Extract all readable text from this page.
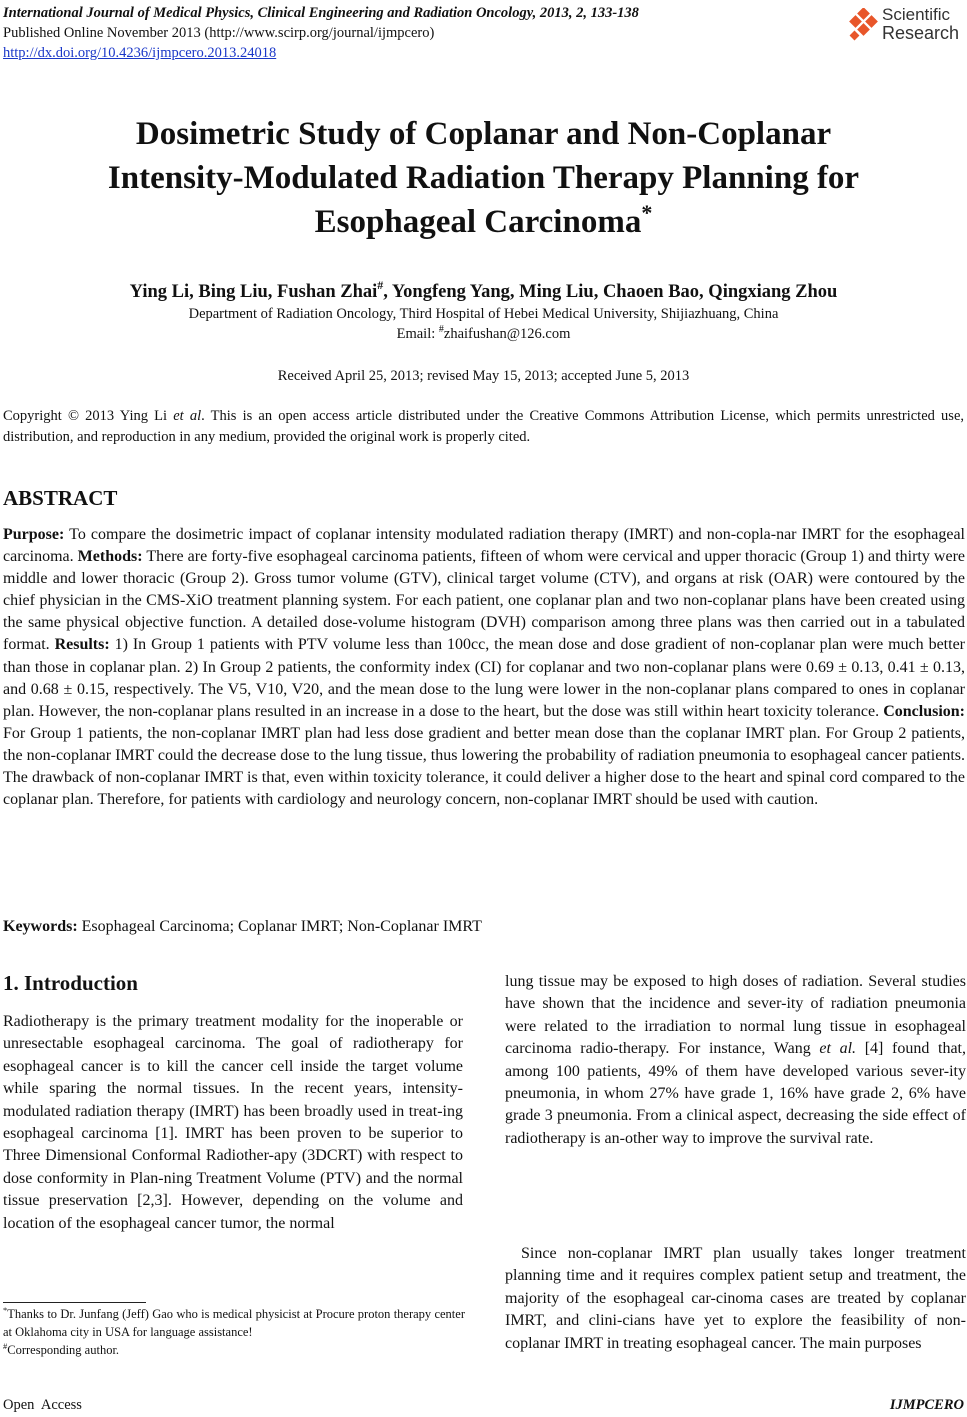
International Journal of Medical Physics, Clinical Engineering and Radiation Oncology, 2013, 2, 133-138
Published Online November 2013 (http://www.scirp.org/journal/ijmpcero)
http://dx.doi.org/10.4236/ijmpcero.2013.24018
Scientific
Research
Dosimetric Study of Coplanar and Non-Coplanar
Intensity-Modulated Radiation Therapy Planning for
Esophageal Carcinoma*
Ying Li, Bing Liu, Fushan Zhai#, Yongfeng Yang, Ming Liu, Chaoen Bao, Qingxiang Zhou
Department of Radiation Oncology, Third Hospital of Hebei Medical University, Shijiazhuang, China
Email: #zhaifushan@126.com
Received April 25, 2013; revised May 15, 2013; accepted June 5, 2013
Copyright © 2013 Ying Li et al. This is an open access article distributed under the Creative Commons Attribution License, which permits unrestricted use, distribution, and reproduction in any medium, provided the original work is properly cited.
ABSTRACT

Purpose: To compare the dosimetric impact of coplanar intensity modulated radiation therapy (IMRT) and non-copla-nar IMRT for the esophageal carcinoma. Methods: There are forty-five esophageal carcinoma patients, fifteen of whom were cervical and upper thoracic (Group 1) and thirty were middle and lower thoracic (Group 2). Gross tumor volume (GTV), clinical target volume (CTV), and organs at risk (OAR) were contoured by the chief physician in the CMS-XiO treatment planning system. For each patient, one coplanar plan and two non-coplanar plans have been created using the same physical objective function. A detailed dose-volume histogram (DVH) comparison among three plans was then carried out in a tabulated format. Results: 1) In Group 1 patients with PTV volume less than 100cc, the mean dose and dose gradient of non-coplanar plan were much better than those in coplanar plan. 2) In Group 2 patients, the conformity index (CI) for coplanar and two non-coplanar plans were 0.69 ± 0.13, 0.41 ± 0.13, and 0.68 ± 0.15, respectively. The V5, V10, V20, and the mean dose to the lung were lower in the non-coplanar plans compared to ones in coplanar plan. However, the non-coplanar plans resulted in an increase in a dose to the heart, but the dose was still within heart toxicity tolerance. Conclusion: For Group 1 patients, the non-coplanar IMRT plan had less dose gradient and better mean dose than the coplanar IMRT plan. For Group 2 patients, the non-coplanar IMRT could the decrease dose to the lung tissue, thus lowering the probability of radiation pneumonia to esophageal cancer patients. The drawback of non-coplanar IMRT is that, even within toxicity tolerance, it could deliver a higher dose to the heart and spinal cord compared to the coplanar plan. Therefore, for patients with cardiology and neurology concern, non-coplanar IMRT should be used with caution.

Keywords: Esophageal Carcinoma; Coplanar IMRT; Non-Coplanar IMRT
1. Introduction

Radiotherapy is the primary treatment modality for the inoperable or unresectable esophageal carcinoma. The goal of radiotherapy for esophageal cancer is to kill the cancer cell inside the target volume while sparing the normal tissues. In the recent years, intensity-modulated radiation therapy (IMRT) has been broadly used in treat-ing esophageal carcinoma [1]. IMRT has been proven to be superior to Three Dimensional Conformal Radiother-apy (3DCRT) with respect to dose conformity in Plan-ning Treatment Volume (PTV) and the normal tissue preservation [2,3]. However, depending on the volume and location of the esophageal cancer tumor, the normal

lung tissue may be exposed to high doses of radiation. Several studies have shown that the incidence and sever-ity of radiation pneumonia were related to the irradiation to normal lung tissue in esophageal carcinoma radio-therapy. For instance, Wang et al. [4] found that, among 100 patients, 49% of them have developed various sever-ity pneumonia, in whom 27% have grade 1, 16% have grade 2, 6% have grade 3 pneumonia. From a clinical aspect, decreasing the side effect of radiotherapy is an-other way to improve the survival rate.

Since non-coplanar IMRT plan usually takes longer treatment planning time and it requires complex patient setup and treatment, the majority of the esophageal car-cinoma cases are treated by coplanar IMRT, and clini-cians have yet to explore the feasibility of non-coplanar IMRT in treating esophageal cancer. The main purposes

*Thanks to Dr. Junfang (Jeff) Gao who is medical physicist at Procure proton therapy center at Oklahoma city in USA for language assistance!
#Corresponding author.
Open  Access	IJMPCERO
